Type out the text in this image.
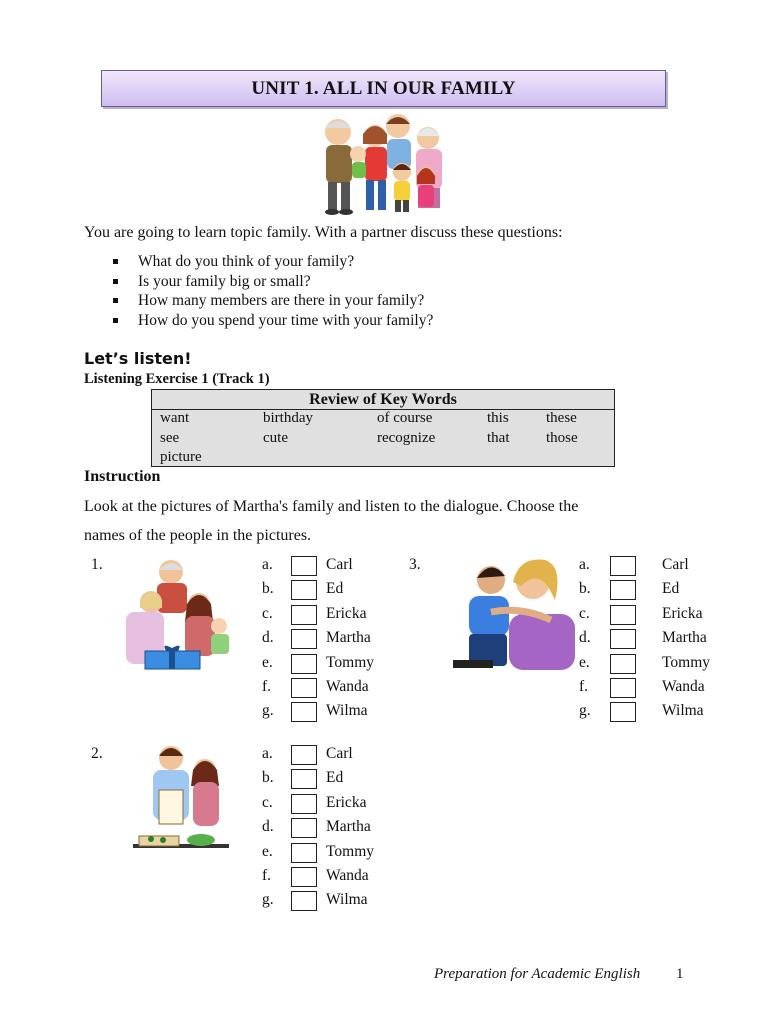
UNIT 1. ALL IN OUR FAMILY
You are going to learn topic family. With a partner discuss these questions:
What do you think of your family?
Is your family big or small?
How many members are there in your family?
How do you spend your time with your family?
Let’s listen!
Listening Exercise 1 (Track 1)
Review of Key Words
want	birthday	of course	this these
see	cute	recognize	that those
picture
Instruction
Look at the pictures of Martha's family and listen to the dialogue. Choose the
names of the people in the pictures.
1.
2.
3.
a.	Carl
b.	Ed
c.	Ericka
d.	Martha
e.	Tommy
f.	Wanda
g.	Wilma
a.	Carl
b.	Ed
c.	Ericka
d.	Martha
e.	Tommy
f.	Wanda
g.	Wilma
a.	Carl
b.	Ed
c.	Ericka
d.	Martha
e.	Tommy
f.	Wanda
g.	Wilma
Preparation for Academic English 1
